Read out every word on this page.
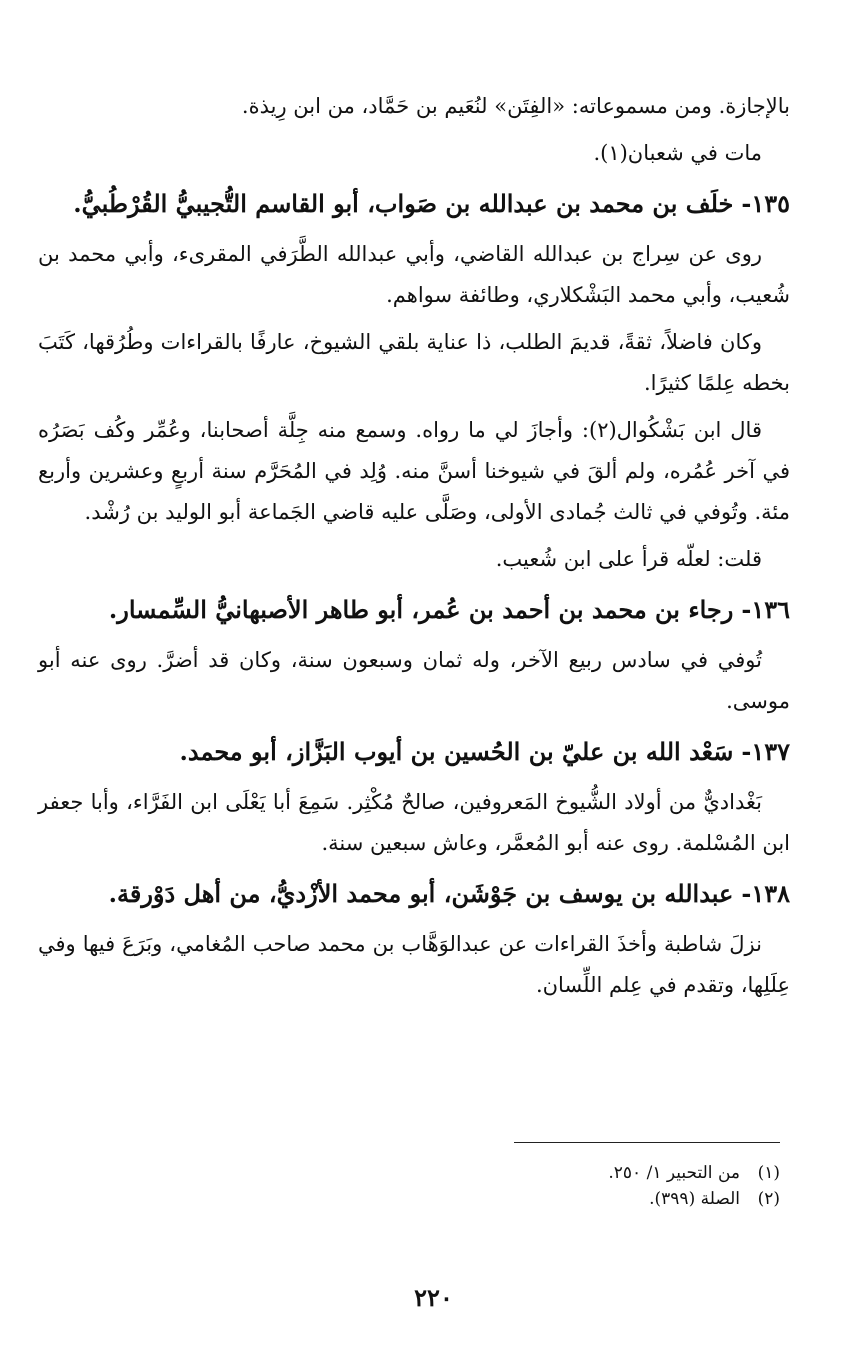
بالإجازة. ومن مسموعاته: «الفِتَن» لنُعَيم بن حَمَّاد، من ابن رِيذة.

مات في شعبان(١).

١٣٥-خلَف بن محمد بن عبدالله بن صَواب، أبو القاسم التُّجيبيُّ القُرْطُبيُّ.

روى عن سِراج بن عبدالله القاضي، وأبي عبدالله الطَّرَفي المقرىء، وأبي محمد بن شُعيب، وأبي محمد البَشْكلاري، وطائفة سواهم.

وكان فاضلاً، ثقةً، قديمَ الطلب، ذا عناية بلقي الشيوخ، عارفًا بالقراءات وطُرُقها، كَتَبَ بخطه عِلمًا كثيرًا.

قال ابن بَشْكُوال(٢): وأجازَ لي ما رواه. وسمع منه جِلَّة أصحابنا، وعُمِّر وكُف بَصَرُه في آخر عُمُره، ولم ألقَ في شيوخنا أسنَّ منه. وُلِد في المُحَرَّم سنة أربعٍ وعشرين وأربع مئة. وتُوفي في ثالث جُمادى الأولى، وصَلَّى عليه قاضي الجَماعة أبو الوليد بن رُشْد.

قلت: لعلّه قرأ على ابن شُعيب.

١٣٦-رجاء بن محمد بن أحمد بن عُمر، أبو طاهر الأصبهانيُّ السِّمسار.

تُوفي في سادس ربيع الآخر، وله ثمان وسبعون سنة، وكان قد أضرَّ. روى عنه أبو موسى.

١٣٧-سَعْد الله بن عليّ بن الحُسين بن أيوب البَزَّاز، أبو محمد.

بَغْداديٌّ من أولاد الشُّيوخ المَعروفين، صالحٌ مُكْثِر. سَمِعَ أبا يَعْلَى ابن الفَرَّاء، وأبا جعفر ابن المُسْلمة. روى عنه أبو المُعمَّر، وعاش سبعين سنة.

١٣٨-عبدالله بن يوسف بن جَوْشَن، أبو محمد الأزْديُّ، من أهل دَوْرقة.

نزلَ شاطبة وأخذَ القراءات عن عبدالوَهَّاب بن محمد صاحب المُغامي، وبَرَعَ فيها وفي عِلَلِها، وتقدم في عِلم اللِّسان.

(١)من التحبير ١/ ٢٥٠.
(٢)الصلة (٣٩٩).
٢٢٠
